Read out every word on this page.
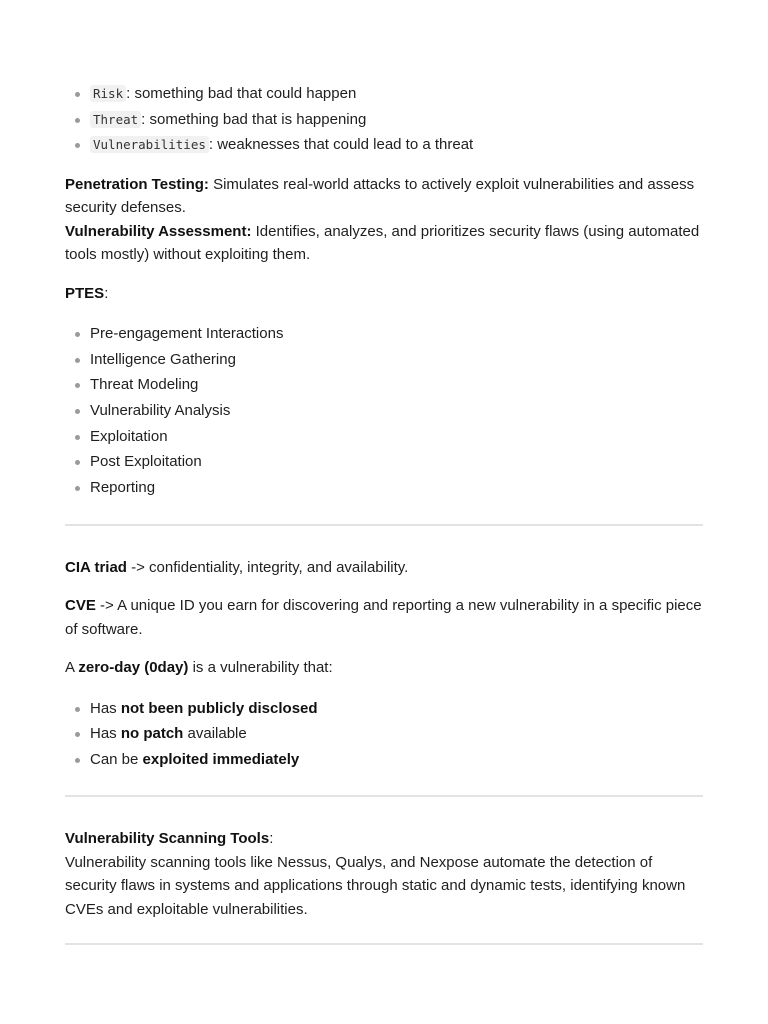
Risk : something bad that could happen
Threat : something bad that is happening
Vulnerabilities : weaknesses that could lead to a threat

Penetration Testing: Simulates real-world attacks to actively exploit vulnerabilities and assess security defenses.

Vulnerability Assessment: Identifies, analyzes, and prioritizes security flaws (using automated tools mostly) without exploiting them.

PTES:

Pre-engagement Interactions
Intelligence Gathering
Threat Modeling
Vulnerability Analysis
Exploitation
Post Exploitation
Reporting

CIA triad -> confidentiality, integrity, and availability.

CVE -> A unique ID you earn for discovering and reporting a new vulnerability in a specific piece of software.

A zero-day (0day) is a vulnerability that:

Has not been publicly disclosed
Has no patch available
Can be exploited immediately

Vulnerability Scanning Tools:

Vulnerability scanning tools like Nessus, Qualys, and Nexpose automate the detection of security flaws in systems and applications through static and dynamic tests, identifying known CVEs and exploitable vulnerabilities.
